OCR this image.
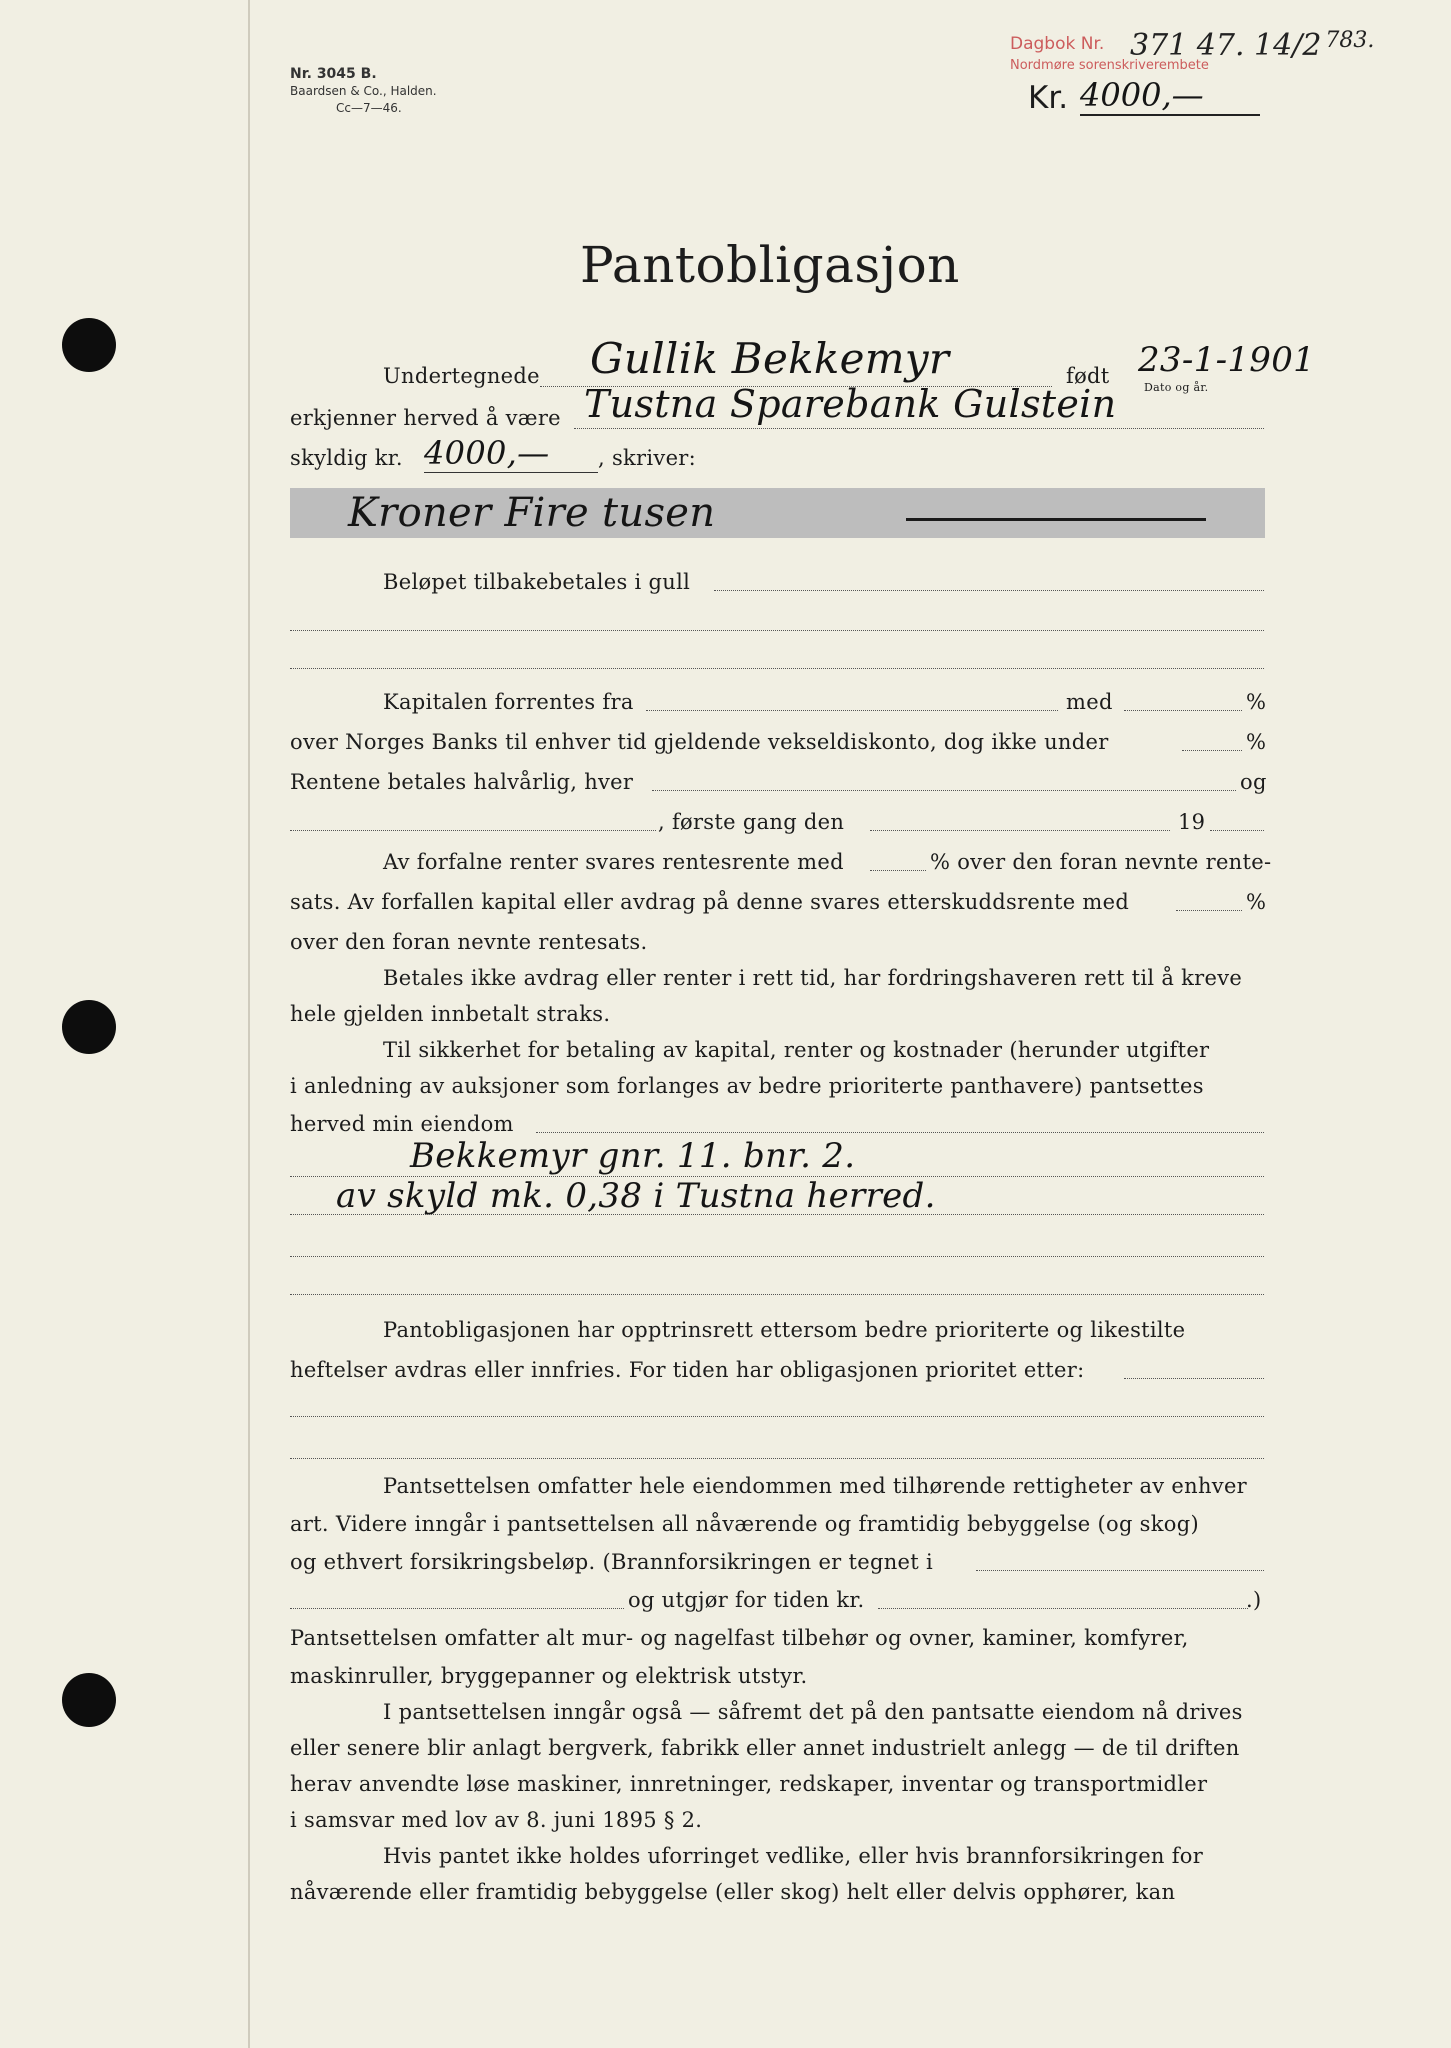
Nr. 3045 B.
Baardsen & Co., Halden.
Cc—7—46.
Dagbok Nr.
Nordmøre sorenskriverembete
371 47. 14/2 $^{783.}$
Kr. 4000,—
Pantobligasjon
Undertegnede Gullik Bekkemyr	født 23-1-1901
Dato og år.
erkjenner herved å være Tustna Sparebank Gulstein
skyldig kr. 4000,—	, skriver:
Kroner Fire tusen
Beløpet tilbakebetales i gull
Kapitalen forrentes fra	med	%
over Norges Banks til enhver tid gjeldende vekseldiskonto, dog ikke under	%
Rentene betales halvårlig, hver	og
, første gang den	19
Av forfalne renter svares rentesrente med	% over den foran nevnte rente-
sats. Av forfallen kapital eller avdrag på denne svares etterskuddsrente med	%
over den foran nevnte rentesats.
Betales ikke avdrag eller renter i rett tid, har fordringshaveren rett til å kreve
hele gjelden innbetalt straks.
Til sikkerhet for betaling av kapital, renter og kostnader (herunder utgifter
i anledning av auksjoner som forlanges av bedre prioriterte panthavere) pantsettes
herved min eiendom
Bekkemyr gnr. 11. bnr. 2.
av skyld mk. 0,38 i Tustna herred.
Pantobligasjonen har opptrinsrett ettersom bedre prioriterte og likestilte
heftelser avdras eller innfries. For tiden har obligasjonen prioritet etter:
Pantsettelsen omfatter hele eiendommen med tilhørende rettigheter av enhver
art. Videre inngår i pantsettelsen all nåværende og framtidig bebyggelse (og skog)
og ethvert forsikringsbeløp. (Brannforsikringen er tegnet i
og utgjør for tiden kr.	.)
Pantsettelsen omfatter alt mur- og nagelfast tilbehør og ovner, kaminer, komfyrer,
maskinruller, bryggepanner og elektrisk utstyr.
I pantsettelsen inngår også — såfremt det på den pantsatte eiendom nå drives
eller senere blir anlagt bergverk, fabrikk eller annet industrielt anlegg — de til driften
herav anvendte løse maskiner, innretninger, redskaper, inventar og transportmidler
i samsvar med lov av 8. juni 1895 § 2.
Hvis pantet ikke holdes uforringet vedlike, eller hvis brannforsikringen for
nåværende eller framtidig bebyggelse (eller skog) helt eller delvis opphører, kan
